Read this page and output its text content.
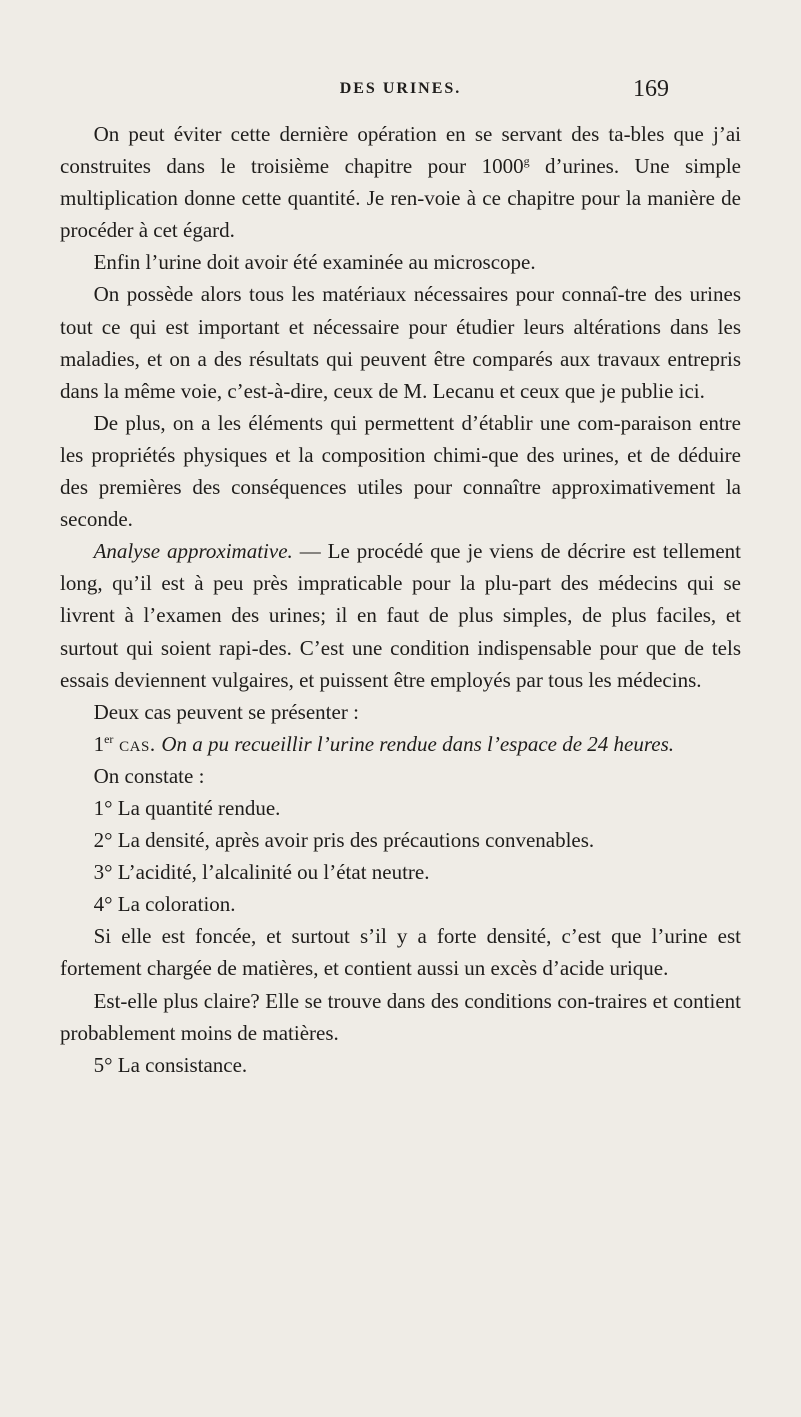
DES URINES.	169

On peut éviter cette dernière opération en se servant des ta-bles que j’ai construites dans le troisième chapitre pour 1000$^g$ d’urines. Une simple multiplication donne cette quantité. Je ren-voie à ce chapitre pour la manière de procéder à cet égard.

Enfin l’urine doit avoir été examinée au microscope.

On possède alors tous les matériaux nécessaires pour connaî-tre des urines tout ce qui est important et nécessaire pour étudier leurs altérations dans les maladies, et on a des résultats qui peuvent être comparés aux travaux entrepris dans la même voie, c’est-à-dire, ceux de M. Lecanu et ceux que je publie ici.

De plus, on a les éléments qui permettent d’établir une com-paraison entre les propriétés physiques et la composition chimi-que des urines, et de déduire des premières des conséquences utiles pour connaître approximativement la seconde.

Analyse approximative. — Le procédé que je viens de décrire est tellement long, qu’il est à peu près impraticable pour la plu-part des médecins qui se livrent à l’examen des urines; il en faut de plus simples, de plus faciles, et surtout qui soient rapi-des. C’est une condition indispensable pour que de tels essais deviennent vulgaires, et puissent être employés par tous les médecins.

Deux cas peuvent se présenter :

1er cas. On a pu recueillir l’urine rendue dans l’espace de 24 heures.

On constate :

1° La quantité rendue.

2° La densité, après avoir pris des précautions convenables.

3° L’acidité, l’alcalinité ou l’état neutre.

4° La coloration.

Si elle est foncée, et surtout s’il y a forte densité, c’est que l’urine est fortement chargée de matières, et contient aussi un excès d’acide urique.

Est-elle plus claire? Elle se trouve dans des conditions con-traires et contient probablement moins de matières.

5° La consistance.
